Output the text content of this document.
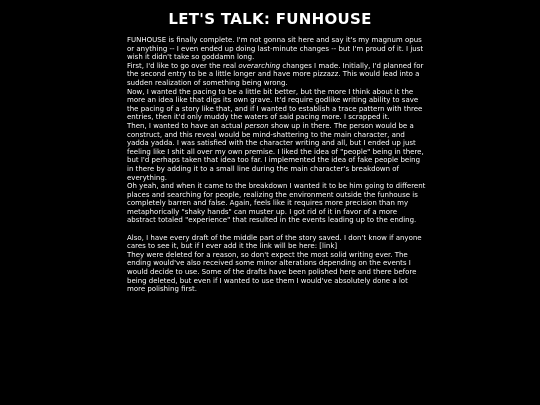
LET'S TALK: FUNHOUSE

FUNHOUSE is finally complete. I'm not gonna sit here and say it's my magnum opus or anything -- I even ended up doing last-minute changes -- but I'm proud of it. I just wish it didn't take so goddamn long.

First, I'd like to go over the real overarching changes I made. Initially, I'd planned for the second entry to be a little longer and have more pizzazz. This would lead into a sudden realization of something being wrong.

Now, I wanted the pacing to be a little bit better, but the more I think about it the more an idea like that digs its own grave. It'd require godlike writing ability to save the pacing of a story like that, and if I wanted to establish a trace pattern with three entries, then it'd only muddy the waters of said pacing more. I scrapped it.

Then, I wanted to have an actual person show up in there. The person would be a construct, and this reveal would be mind-shattering to the main character, and yadda yadda. I was satisfied with the character writing and all, but I ended up just feeling like I shit all over my own premise. I liked the idea of "people" being in there, but I'd perhaps taken that idea too far. I implemented the idea of fake people being in there by adding it to a small line during the main character's breakdown of everything.

Oh yeah, and when it came to the breakdown I wanted it to be him going to different places and searching for people, realizing the environment outside the funhouse is completely barren and false. Again, feels like it requires more precision than my metaphorically "shaky hands" can muster up. I got rid of it in favor of a more abstract totaled "experience" that resulted in the events leading up to the ending.

Also, I have every draft of the middle part of the story saved. I don't know if anyone cares to see it, but if I ever add it the link will be here: [link]

They were deleted for a reason, so don't expect the most solid writing ever. The ending would've also received some minor alterations depending on the events I would decide to use. Some of the drafts have been polished here and there before being deleted, but even if I wanted to use them I would've absolutely done a lot more polishing first.
